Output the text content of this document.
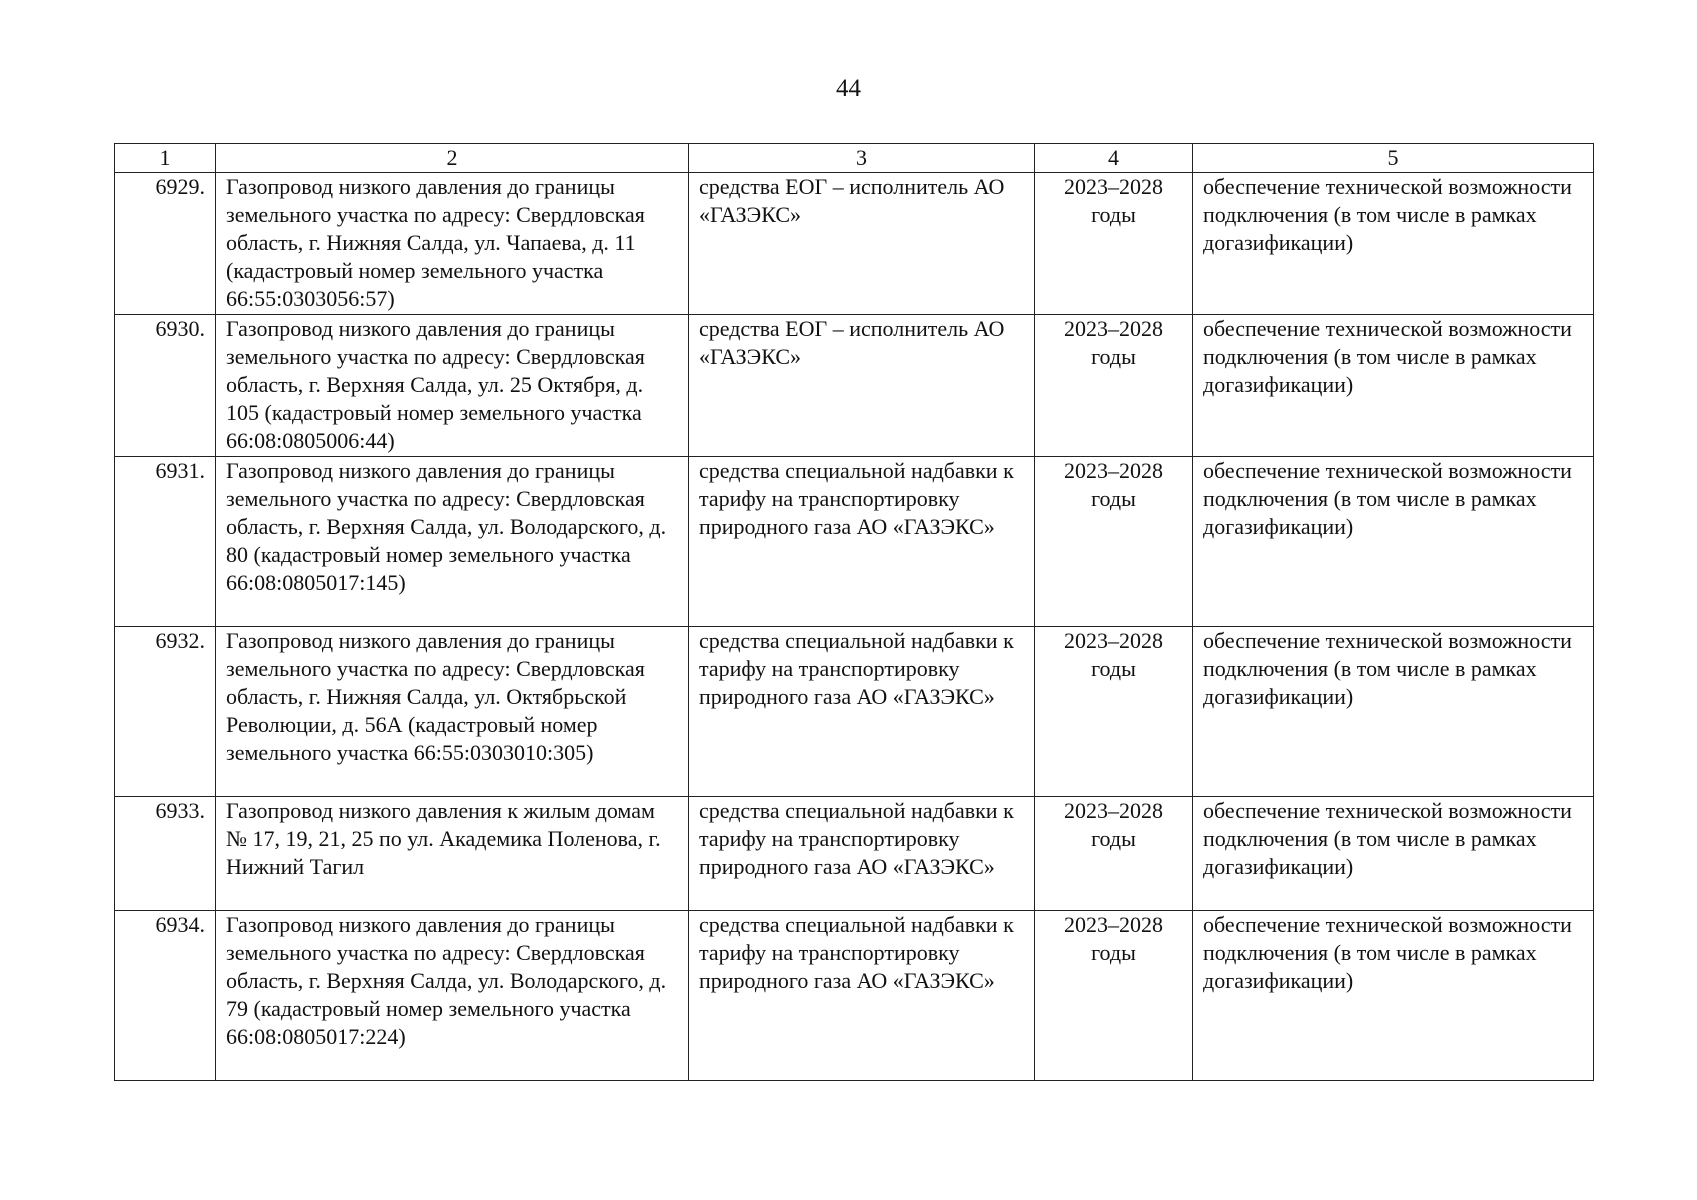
44
1	2	3	4	5
6929.	Газопровод низкого давления до границы земельного участка по адресу: Свердловская область, г. Нижняя Салда, ул. Чапаева, д. 11 (кадастровый номер земельного участка 66:55:0303056:57)	средства ЕОГ – исполнитель АО «ГАЗЭКС»	2023–2028 годы	обеспечение технической возможности подключения (в том числе в рамках догазификации)
6930.	Газопровод низкого давления до границы земельного участка по адресу: Свердловская область, г. Верхняя Салда, ул. 25 Октября, д. 105 (кадастровый номер земельного участка 66:08:0805006:44)	средства ЕОГ – исполнитель АО «ГАЗЭКС»	2023–2028 годы	обеспечение технической возможности подключения (в том числе в рамках догазификации)
6931.	Газопровод низкого давления до границы земельного участка по адресу: Свердловская область, г. Верхняя Салда, ул. Володарского, д. 80 (кадастровый номер земельного участка 66:08:0805017:145)	средства специальной надбавки к тарифу на транспортировку природного газа АО «ГАЗЭКС»	2023–2028 годы	обеспечение технической возможности подключения (в том числе в рамках догазификации)
6932.	Газопровод низкого давления до границы земельного участка по адресу: Свердловская область, г. Нижняя Салда, ул. Октябрьской Революции, д. 56А (кадастровый номер земельного участка 66:55:0303010:305)	средства специальной надбавки к тарифу на транспортировку природного газа АО «ГАЗЭКС»	2023–2028 годы	обеспечение технической возможности подключения (в том числе в рамках догазификации)
6933.	Газопровод низкого давления к жилым домам № 17, 19, 21, 25 по ул. Академика Поленова, г. Нижний Тагил	средства специальной надбавки к тарифу на транспортировку природного газа АО «ГАЗЭКС»	2023–2028 годы	обеспечение технической возможности подключения (в том числе в рамках догазификации)
6934.	Газопровод низкого давления до границы земельного участка по адресу: Свердловская область, г. Верхняя Салда, ул. Володарского, д. 79 (кадастровый номер земельного участка 66:08:0805017:224)	средства специальной надбавки к тарифу на транспортировку природного газа АО «ГАЗЭКС»	2023–2028 годы	обеспечение технической возможности подключения (в том числе в рамках догазификации)
